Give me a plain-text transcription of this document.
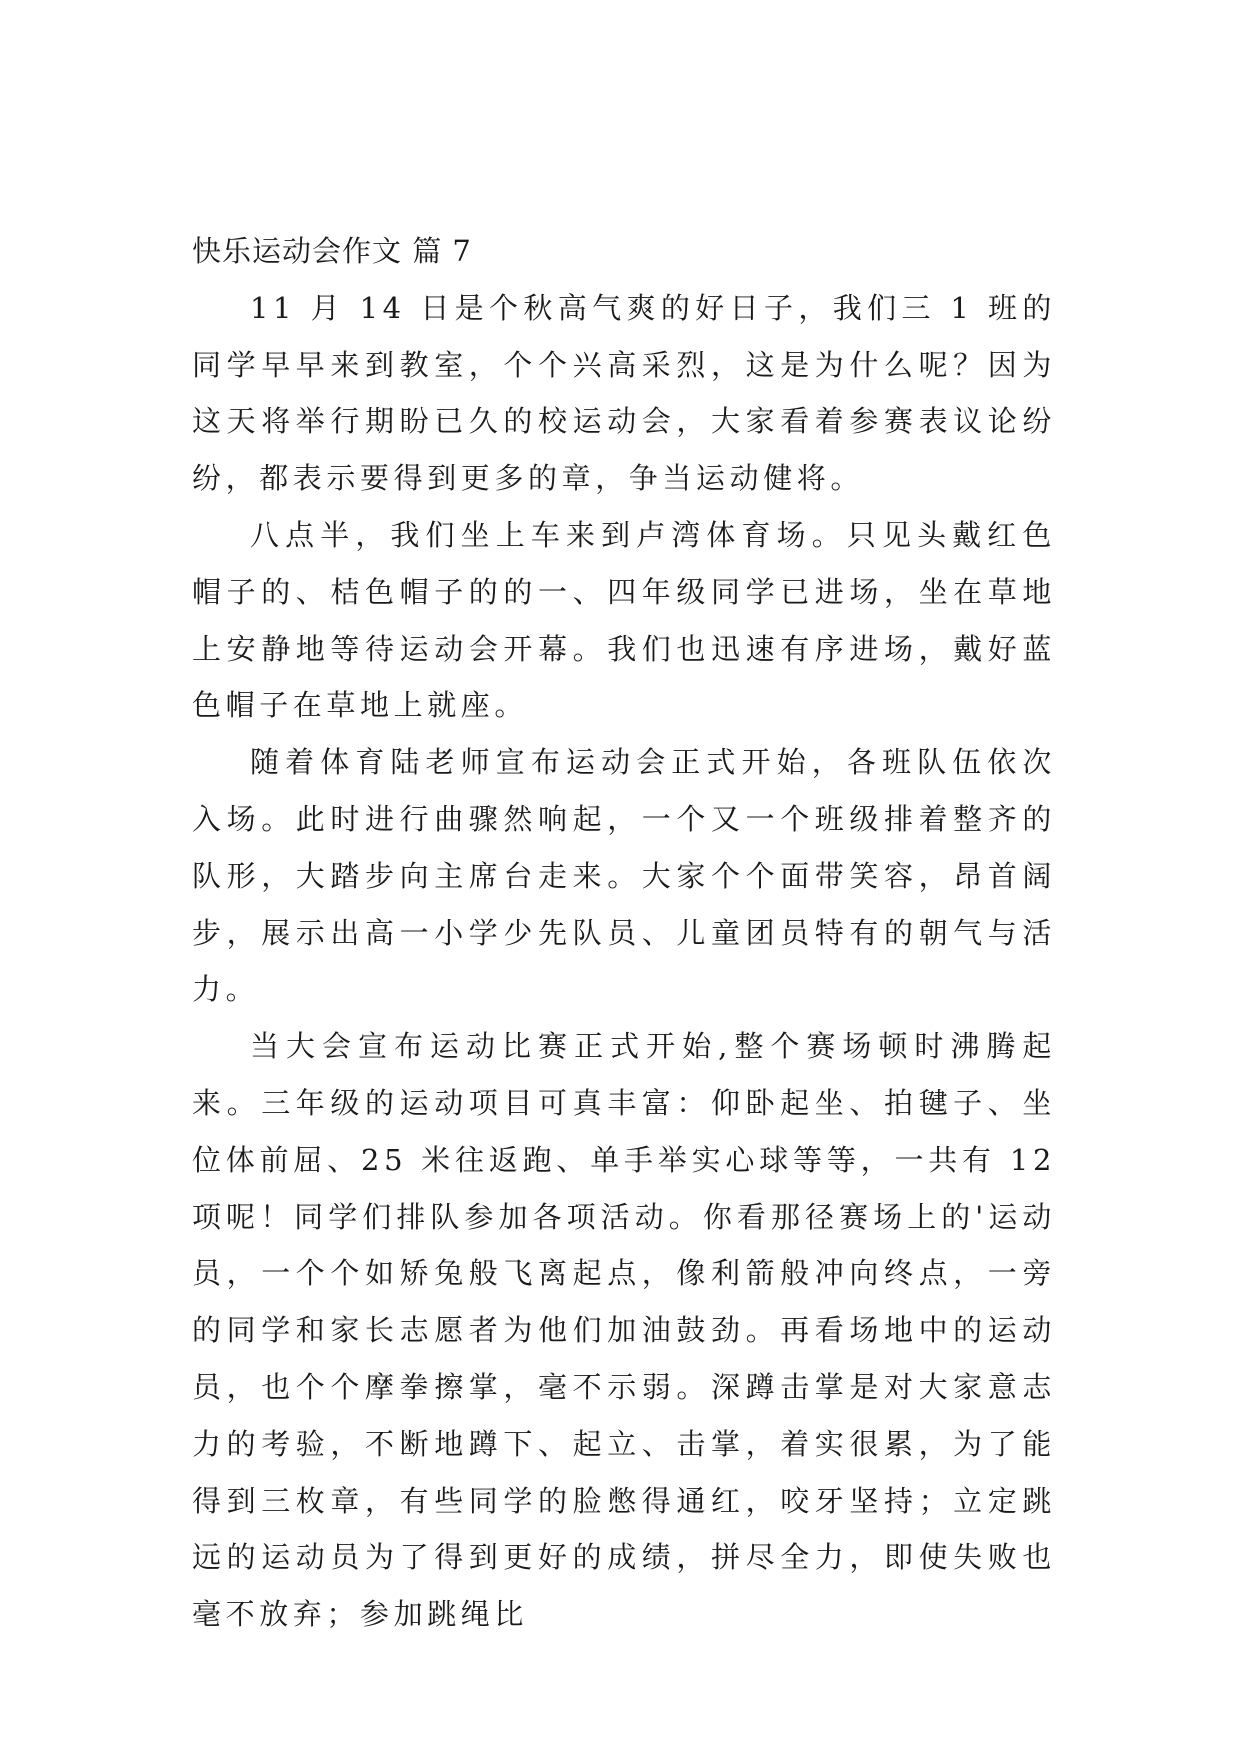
快乐运动会作文 篇 7

11 月 14 日是个秋高气爽的好日子，我们三 1 班的同学早早来到教室，个个兴高采烈，这是为什么呢？因为这天将举行期盼已久的校运动会，大家看着参赛表议论纷纷，都表示要得到更多的章，争当运动健将。

八点半，我们坐上车来到卢湾体育场。只见头戴红色帽子的、桔色帽子的的一、四年级同学已进场，坐在草地上安静地等待运动会开幕。我们也迅速有序进场，戴好蓝色帽子在草地上就座。

随着体育陆老师宣布运动会正式开始，各班队伍依次入场。此时进行曲骤然响起，一个又一个班级排着整齐的队形，大踏步向主席台走来。大家个个面带笑容，昂首阔步，展示出高一小学少先队员、儿童团员特有的朝气与活力。

当大会宣布运动比赛正式开始,整个赛场顿时沸腾起来。三年级的运动项目可真丰富：仰卧起坐、拍毽子、坐位体前屈、25 米往返跑、单手举实心球等等，一共有 12 项呢！同学们排队参加各项活动。你看那径赛场上的'运动员，一个个如矫兔般飞离起点，像利箭般冲向终点，一旁的同学和家长志愿者为他们加油鼓劲。再看场地中的运动员，也个个摩拳擦掌，毫不示弱。深蹲击掌是对大家意志力的考验，不断地蹲下、起立、击掌，着实很累，为了能得到三枚章，有些同学的脸憋得通红，咬牙坚持；立定跳远的运动员为了得到更好的成绩，拼尽全力，即使失败也毫不放弃；参加跳绳比
